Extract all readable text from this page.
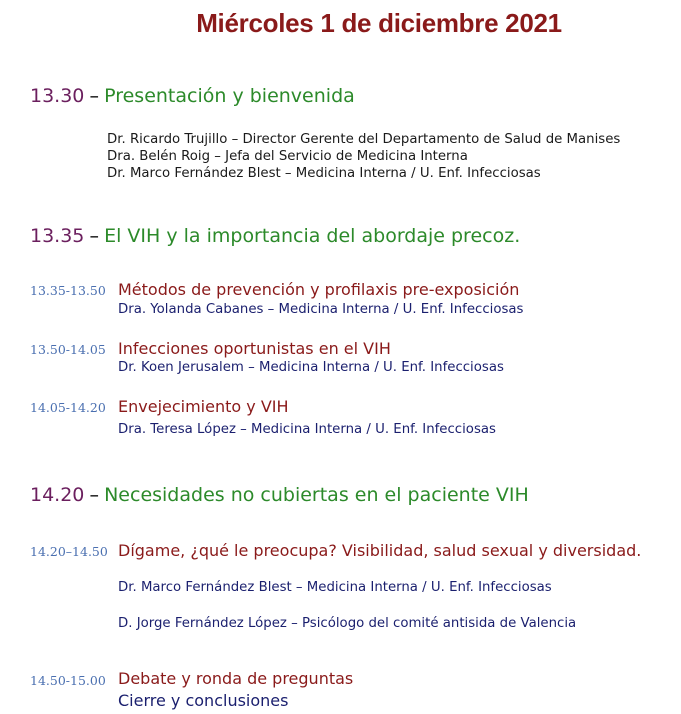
Miércoles 1 de diciembre 2021
13.30 – Presentación y bienvenida
Dr. Ricardo Trujillo – Director Gerente del Departamento de Salud de Manises
Dra. Belén Roig – Jefa del Servicio de Medicina Interna
Dr. Marco Fernández Blest – Medicina Interna / U. Enf. Infecciosas
13.35 – El VIH y la importancia del abordaje precoz.
13.35-13.50 Métodos de prevención y profilaxis pre-exposición
Dra. Yolanda Cabanes – Medicina Interna / U. Enf. Infecciosas
13.50-14.05 Infecciones oportunistas en el VIH
Dr. Koen Jerusalem – Medicina Interna / U. Enf. Infecciosas
14.05-14.20 Envejecimiento y VIH
Dra. Teresa López – Medicina Interna / U. Enf. Infecciosas
14.20 – Necesidades no cubiertas en el paciente VIH
14.20–14.50 Dígame, ¿qué le preocupa? Visibilidad, salud sexual y diversidad.
Dr. Marco Fernández Blest – Medicina Interna / U. Enf. Infecciosas
D. Jorge Fernández López – Psicólogo del comité antisida de Valencia
14.50-15.00 Debate y ronda de preguntas
Cierre y conclusiones
